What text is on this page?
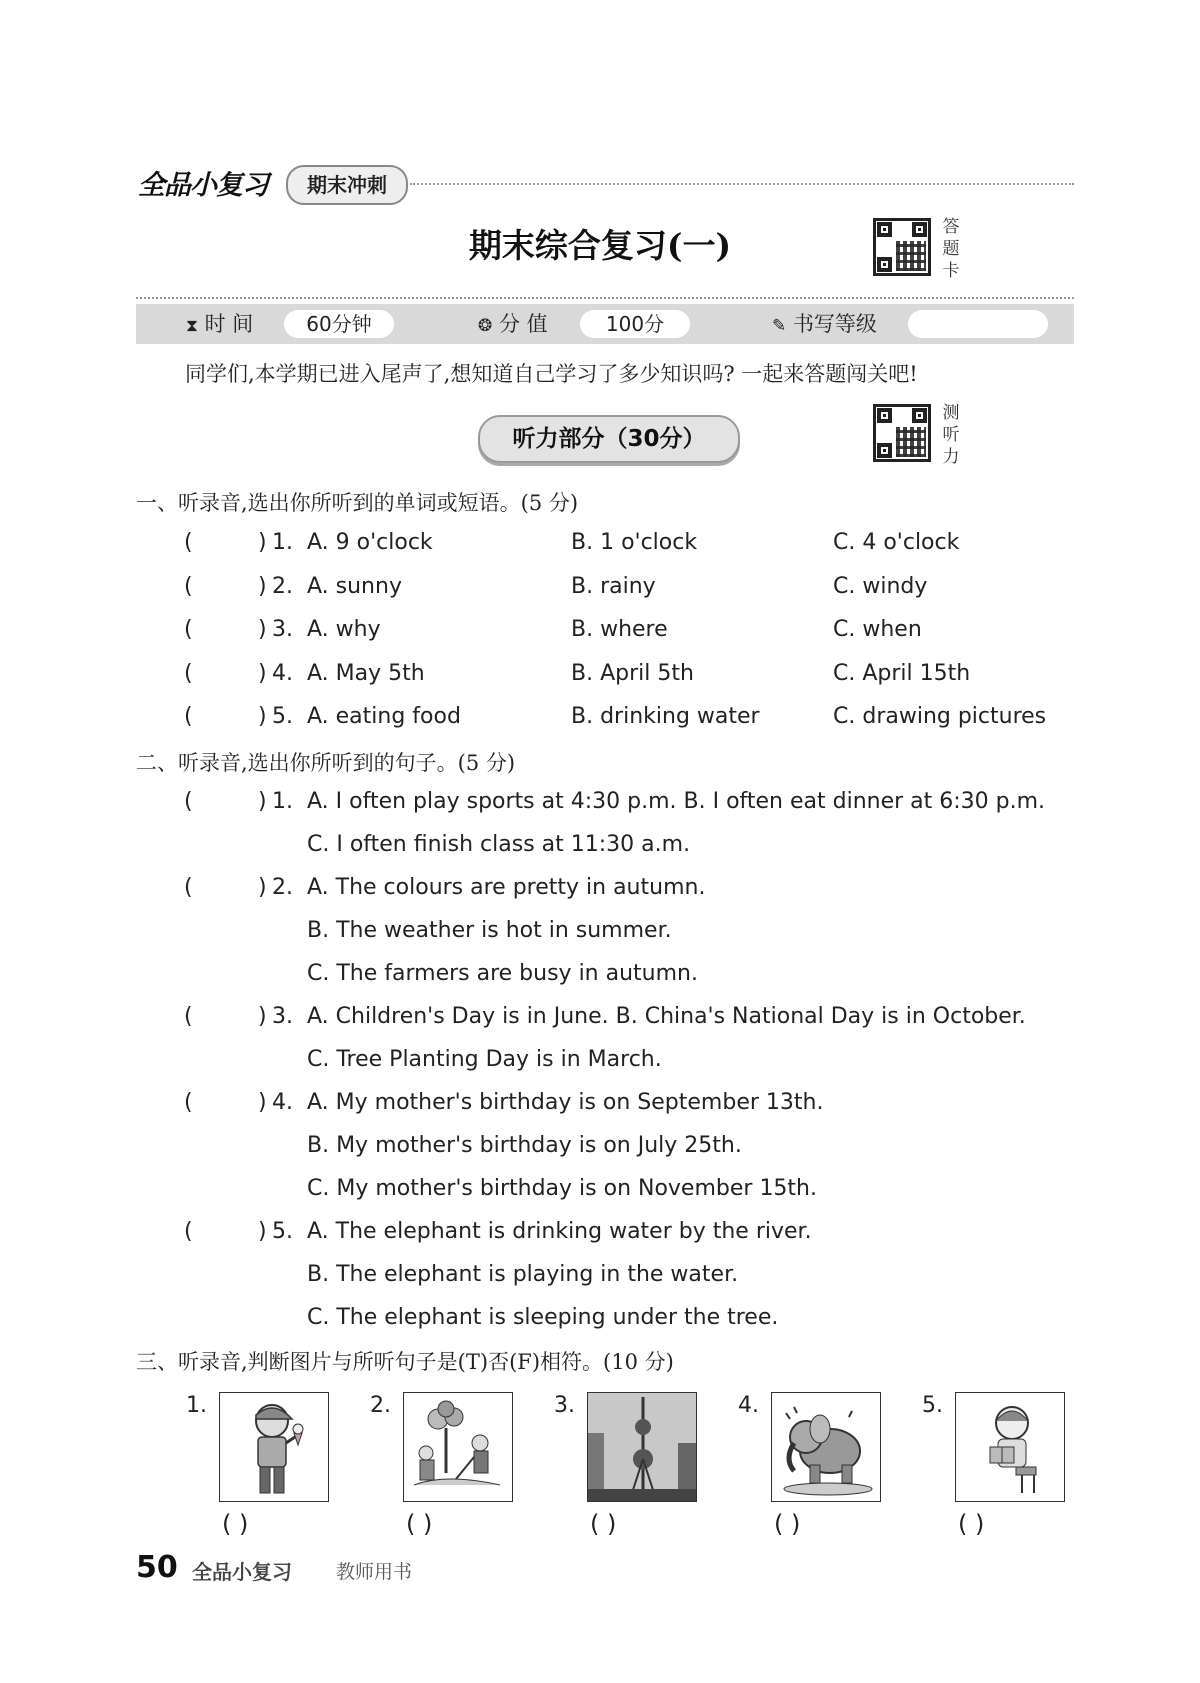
全品小复习	期末冲刺
期末综合复习(一)	答
题
卡
⧗ 时 间	60分钟	❂ 分 值	100分	✎ 书写等级
同学们,本学期已进入尾声了,想知道自己学习了多少知识吗? 一起来答题闯关吧!
听力部分（30分）
测
听
力
一、听录音,选出你所听到的单词或短语。(5 分)
(	) 1. A. 9 o'clock	B. 1 o'clock	C. 4 o'clock
(	) 2. A. sunny	B. rainy	C. windy
(	) 3. A. why	B. where	C. when
(	) 4. A. May 5th	B. April 5th	C. April 15th
(	) 5. A. eating food	B. drinking water	C. drawing pictures
二、听录音,选出你所听到的句子。(5 分)
(	) 1. A. I often play sports at 4:30 p.m. B. I often eat dinner at 6:30 p.m.
C. I often finish class at 11:30 a.m.
(	) 2. A. The colours are pretty in autumn.
B. The weather is hot in summer.
C. The farmers are busy in autumn.
(	) 3. A. Children's Day is in June. B. China's National Day is in October.
C. Tree Planting Day is in March.
(	) 4. A. My mother's birthday is on September 13th.
B. My mother's birthday is on July 25th.
C. My mother's birthday is on November 15th.
(	) 5. A. The elephant is drinking water by the river.
B. The elephant is playing in the water.
C. The elephant is sleeping under the tree.
三、听录音,判断图片与所听句子是(T)否(F)相符。(10 分)
1.
( )
2.
( )
3.
( )
4.
( )
5.
( )
50 全品小复习 教师用书
